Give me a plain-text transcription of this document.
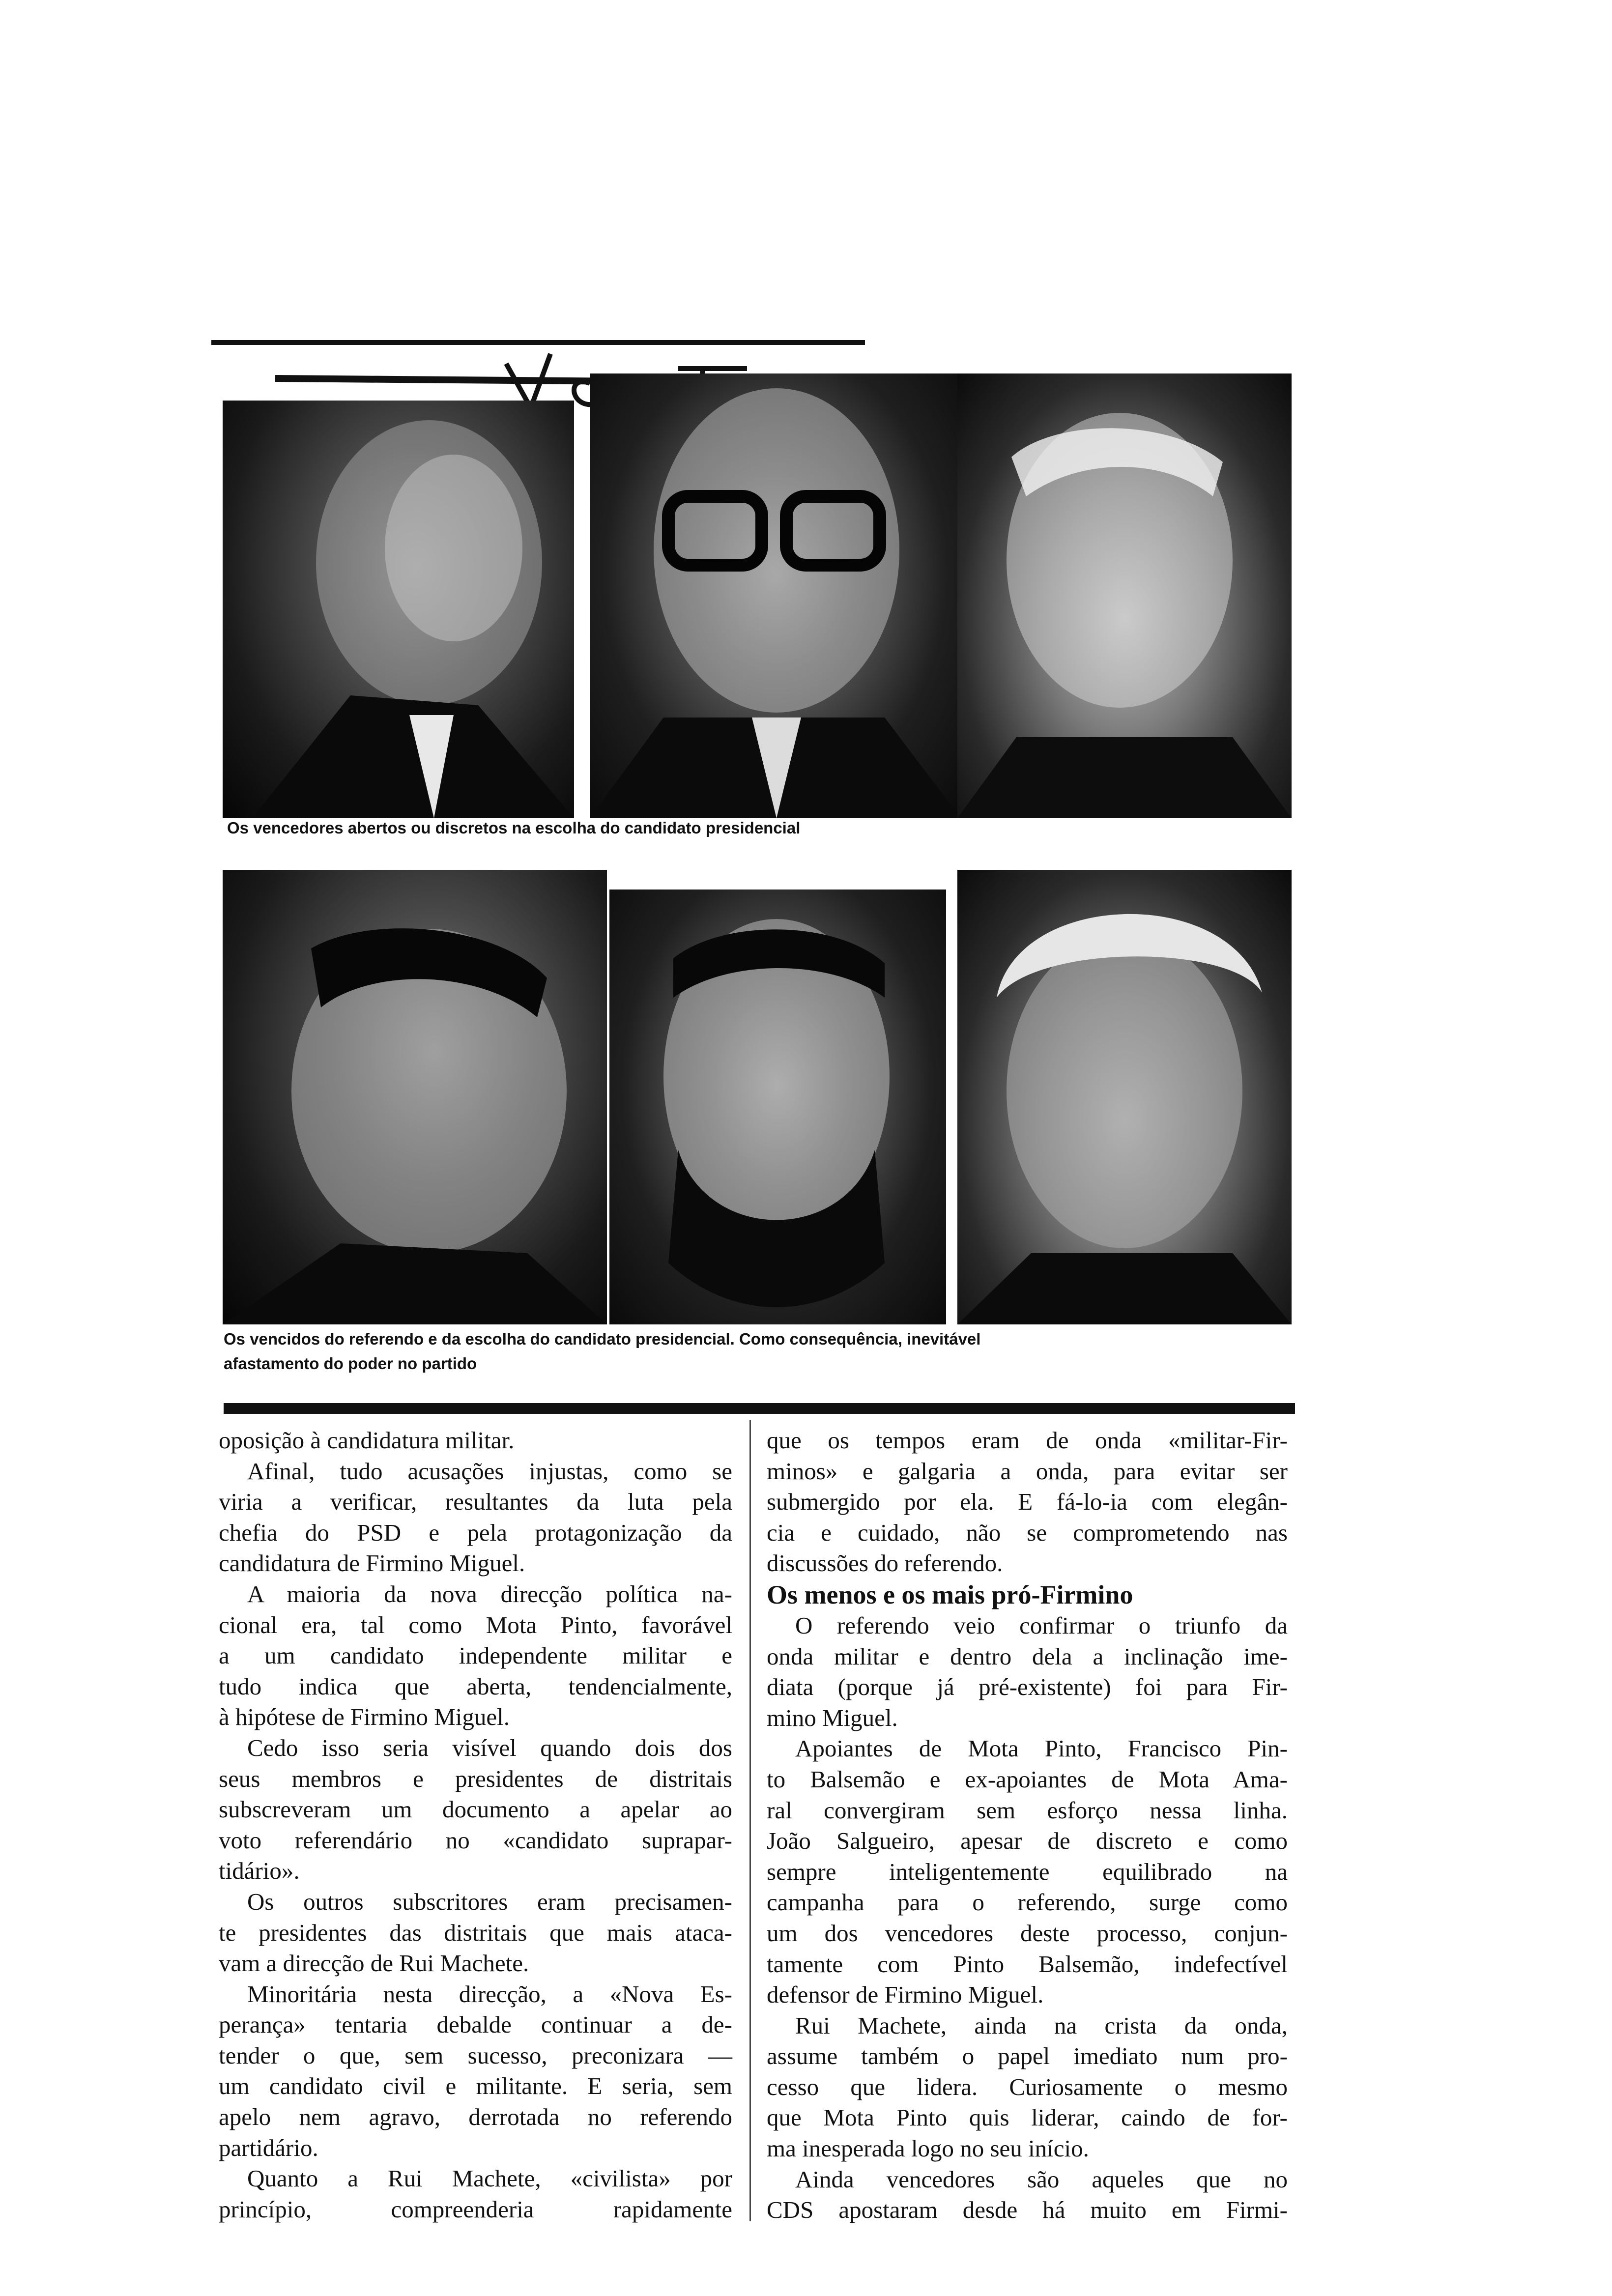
Os vencedores abertos ou discretos na escolha do candidato presidencial
Os vencidos do referendo e da escolha do candidato presidencial. Como consequência, inevitável
afastamento do poder no partido

oposição à candidatura militar.

Afinal, tudo acusações injustas, como se

viria a verificar, resultantes da luta pela

chefia do PSD e pela protagonização da

candidatura de Firmino Miguel.

A maioria da nova direcção política na-

cional era, tal como Mota Pinto, favorável

a um candidato independente militar e

tudo indica que aberta, tendencialmente,

à hipótese de Firmino Miguel.

Cedo isso seria visível quando dois dos

seus membros e presidentes de distritais

subscreveram um documento a apelar ao

voto referendário no «candidato suprapar-

tidário».

Os outros subscritores eram precisamen-

te presidentes das distritais que mais ataca-

vam a direcção de Rui Machete.

Minoritária nesta direcção, a «Nova Es-

perança» tentaria debalde continuar a de-

tender o que, sem sucesso, preconizara —

um candidato civil e militante. E seria, sem

apelo nem agravo, derrotada no referendo

partidário.

Quanto a Rui Machete, «civilista» por

princípio, compreenderia rapidamente

que os tempos eram de onda «militar-Fir-

minos» e galgaria a onda, para evitar ser

submergido por ela. E fá-lo-ia com elegân-

cia e cuidado, não se comprometendo nas

discussões do referendo.

Os menos e os mais pró-Firmino

O referendo veio confirmar o triunfo da

onda militar e dentro dela a inclinação ime-

diata (porque já pré-existente) foi para Fir-

mino Miguel.

Apoiantes de Mota Pinto, Francisco Pin-

to Balsemão e ex-apoiantes de Mota Ama-

ral convergiram sem esforço nessa linha.

João Salgueiro, apesar de discreto e como

sempre inteligentemente equilibrado na

campanha para o referendo, surge como

um dos vencedores deste processo, conjun-

tamente com Pinto Balsemão, indefectível

defensor de Firmino Miguel.

Rui Machete, ainda na crista da onda,

assume também o papel imediato num pro-

cesso que lidera. Curiosamente o mesmo

que Mota Pinto quis liderar, caindo de for-

ma inesperada logo no seu início.

Ainda vencedores são aqueles que no

CDS apostaram desde há muito em Firmi-
